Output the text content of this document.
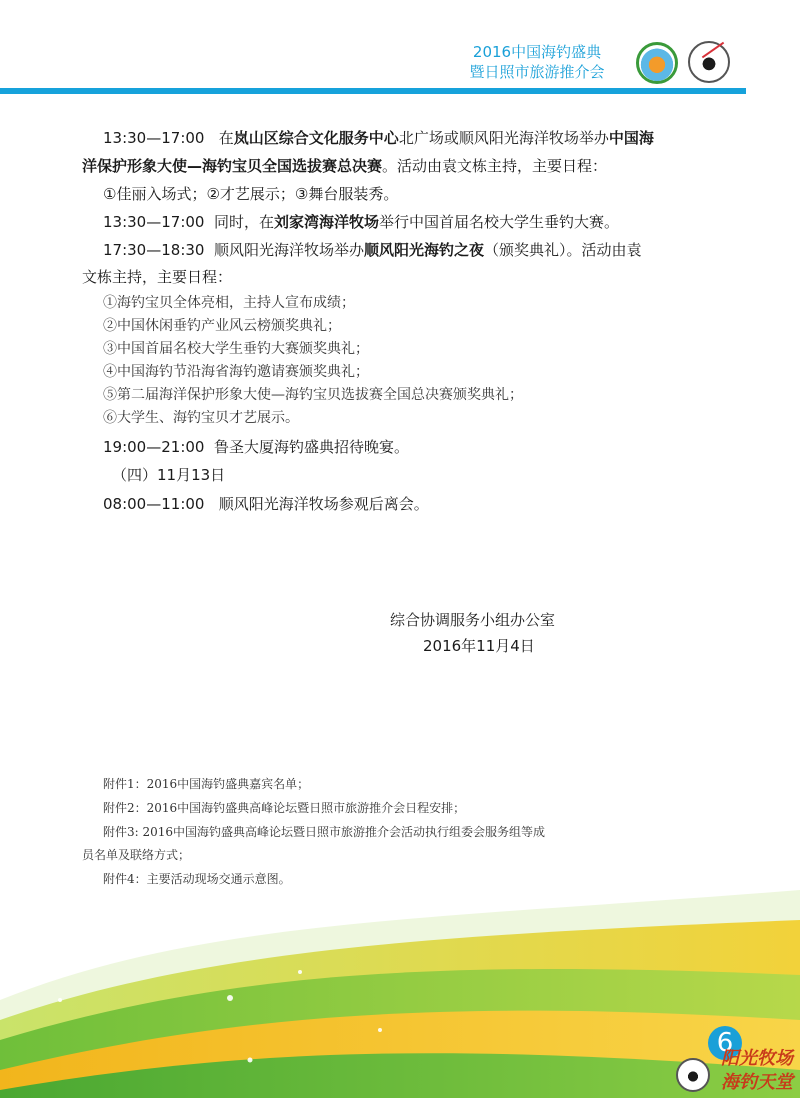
2016中国海钓盛典
暨日照市旅游推介会
13:30—17:00 在岚山区综合文化服务中心北广场或顺风阳光海洋牧场举办中国海
洋保护形象大使—海钓宝贝全国选拔赛总决赛。活动由袁文栋主持，主要日程：
①佳丽入场式；②才艺展示；③舞台服装秀。
13:30—17:00 同时，在刘家湾海洋牧场举行中国首届名校大学生垂钓大赛。
17:30—18:30 顺风阳光海洋牧场举办顺风阳光海钓之夜（颁奖典礼）。活动由袁
文栋主持，主要日程：
①海钓宝贝全体亮相，主持人宣布成绩；
②中国休闲垂钓产业风云榜颁奖典礼；
③中国首届名校大学生垂钓大赛颁奖典礼；
④中国海钓节沿海省海钓邀请赛颁奖典礼；
⑤第二届海洋保护形象大使—海钓宝贝选拔赛全国总决赛颁奖典礼；
⑥大学生、海钓宝贝才艺展示。
19:00—21:00 鲁圣大厦海钓盛典招待晚宴。
（四）11月13日
08:00—11:00 顺风阳光海洋牧场参观后离会。
综合协调服务小组办公室
2016年11月4日
附件1：2016中国海钓盛典嘉宾名单；
附件2：2016中国海钓盛典高峰论坛暨日照市旅游推介会日程安排；
附件3: 2016中国海钓盛典高峰论坛暨日照市旅游推介会活动执行组委会服务组等成
员名单及联络方式；
附件4：主要活动现场交通示意图。
6
阳光牧场
海钓天堂
